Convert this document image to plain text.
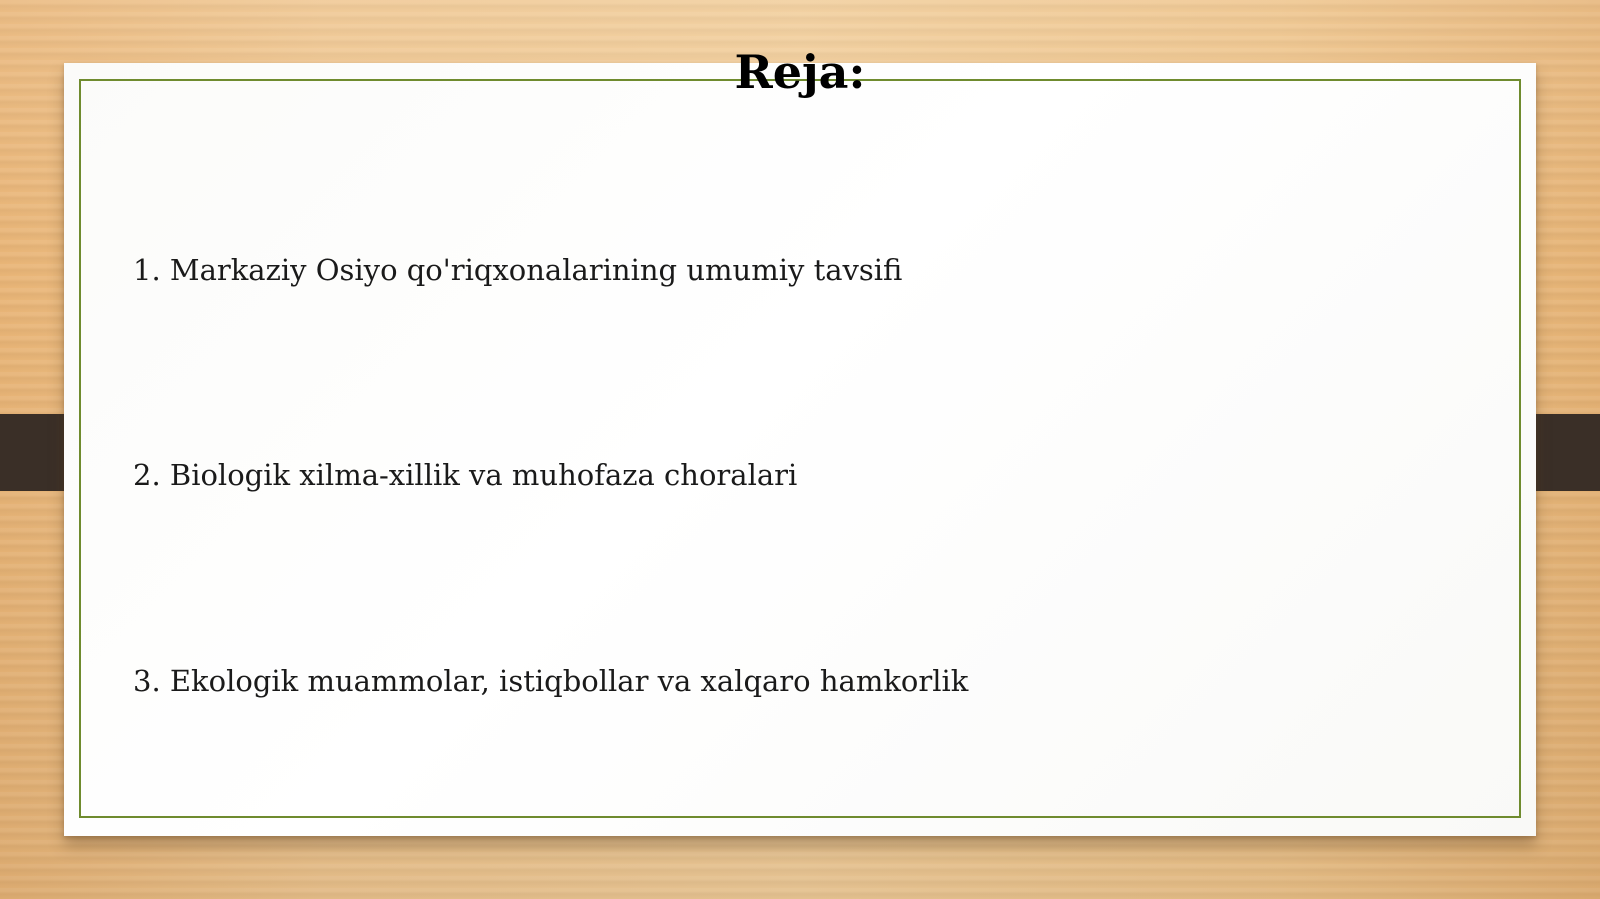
Reja:

1. Markaziy Osiyo qo'riqxonalarining umumiy tavsifi

2. Biologik xilma-xillik va muhofaza choralari

3. Ekologik muammolar, istiqbollar va xalqaro hamkorlik
